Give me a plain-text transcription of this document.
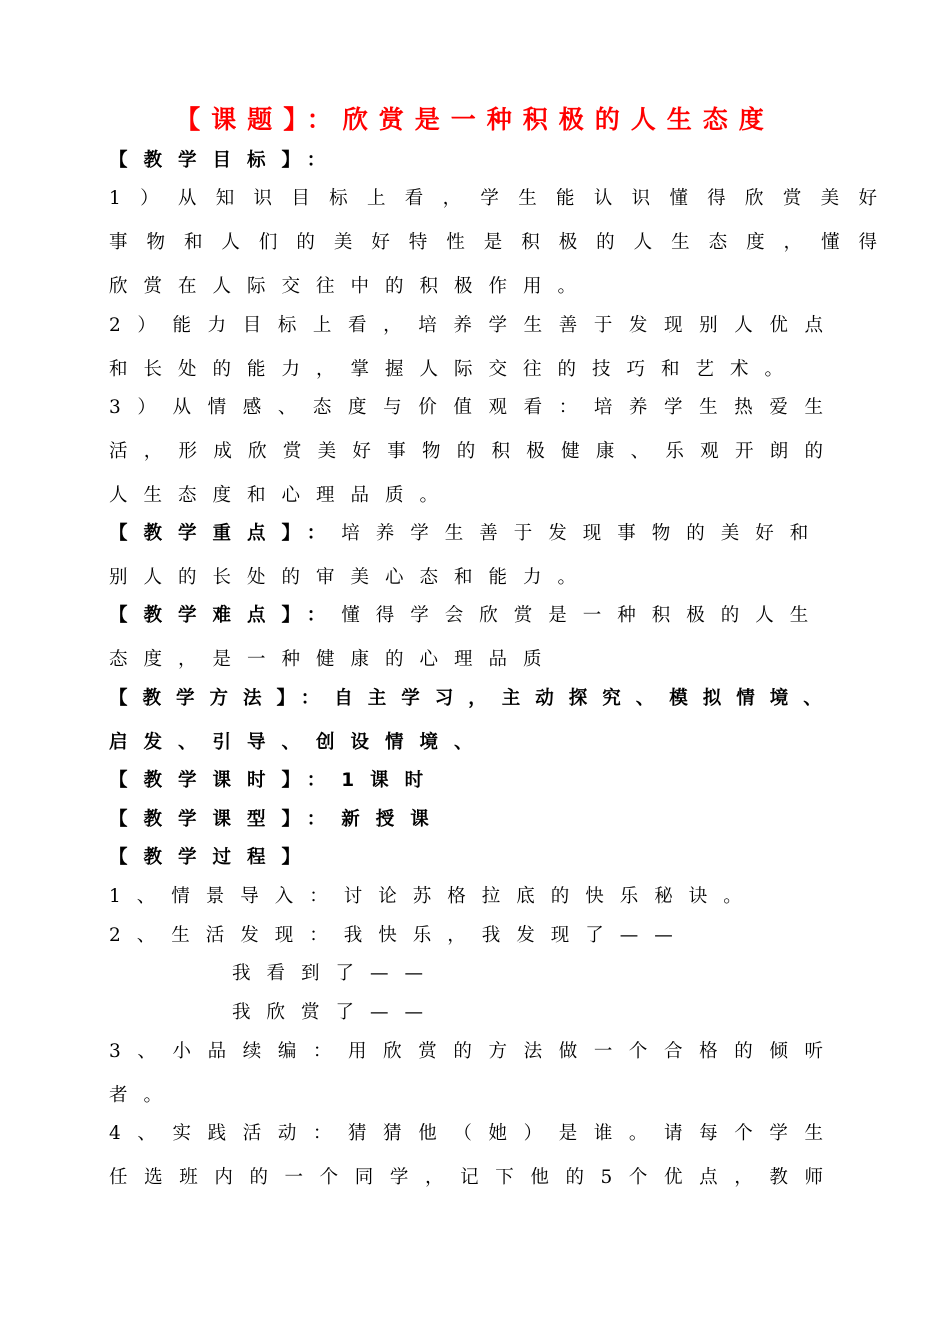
【课题】：欣赏是一种积极的人生态度
【教学目标】：
1）从知识目标上看，学生能认识懂得欣赏美好
事物和人们的美好特性是积极的人生态度，懂得
欣赏在人际交往中的积极作用。
2）能力目标上看，培养学生善于发现别人优点
和长处的能力，掌握人际交往的技巧和艺术。
3）从情感、态度与价值观看：培养学生热爱生
活，形成欣赏美好事物的积极健康、乐观开朗的
人生态度和心理品质。
【教学重点】：培养学生善于发现事物的美好和
别人的长处的审美心态和能力。
【教学难点】：懂得学会欣赏是一种积极的人生
态度，是一种健康的心理品质
【教学方法】：自主学习，主动探究、模拟情境、
启发、引导、创设情境、
【教学课时】：1课时
【教学课型】：新授课
【教学过程】
1、情景导入：讨论苏格拉底的快乐秘诀。
2、生活发现：我快乐，我发现了——
我看到了——
我欣赏了——
3、小品续编：用欣赏的方法做一个合格的倾听
者。
4、实践活动：猜猜他（她）是谁。请每个学生
任选班内的一个同学，记下他的5个优点，教师
